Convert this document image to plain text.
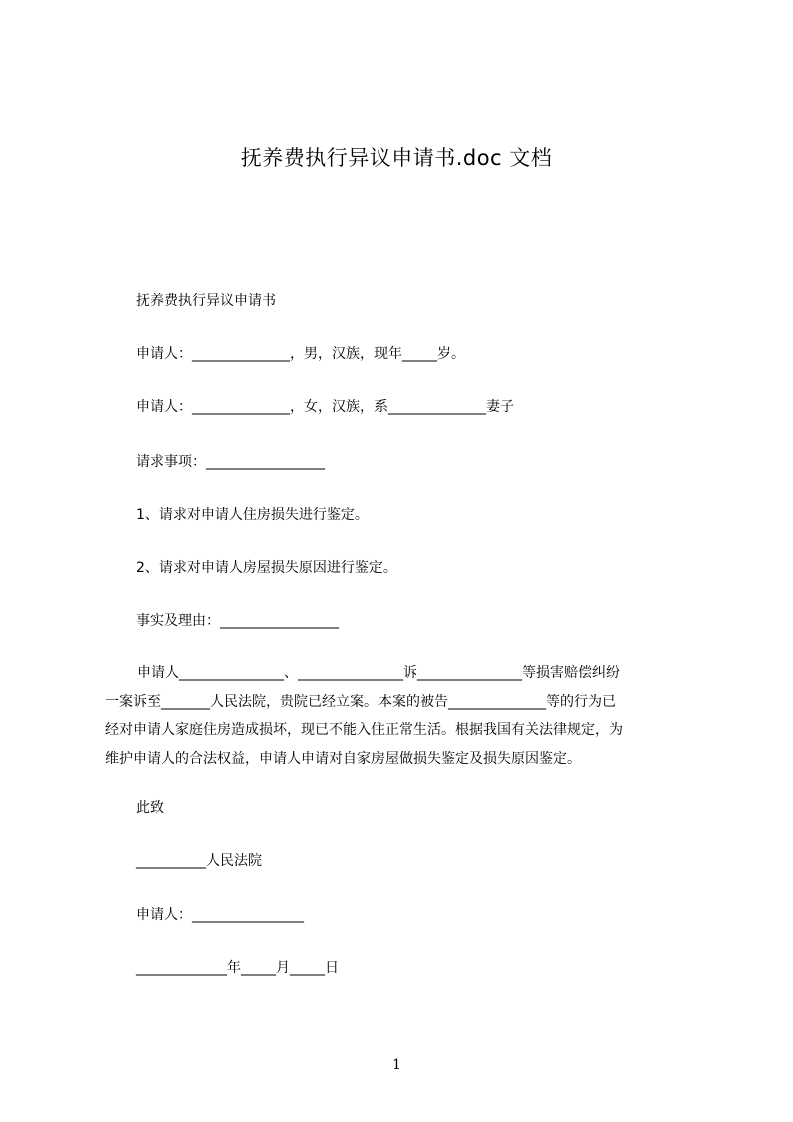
抚养费执行异议申请书.doc 文档
抚养费执行异议申请书
申请人：______________，男，汉族，现年_____岁。
申请人：______________，女，汉族，系______________妻子
请求事项：_________________
1、请求对申请人住房损失进行鉴定。
2、请求对申请人房屋损失原因进行鉴定。
事实及理由：_________________
申请人_______________、_______________诉_______________等损害赔偿纠纷
一案诉至_______人民法院，贵院已经立案。本案的被告______________等的行为已
经对申请人家庭住房造成损坏，现已不能入住正常生活。根据我国有关法律规定，为
维护申请人的合法权益，申请人申请对自家房屋做损失鉴定及损失原因鉴定。
此致
__________人民法院
申请人：________________
_____________年_____月_____日
1
